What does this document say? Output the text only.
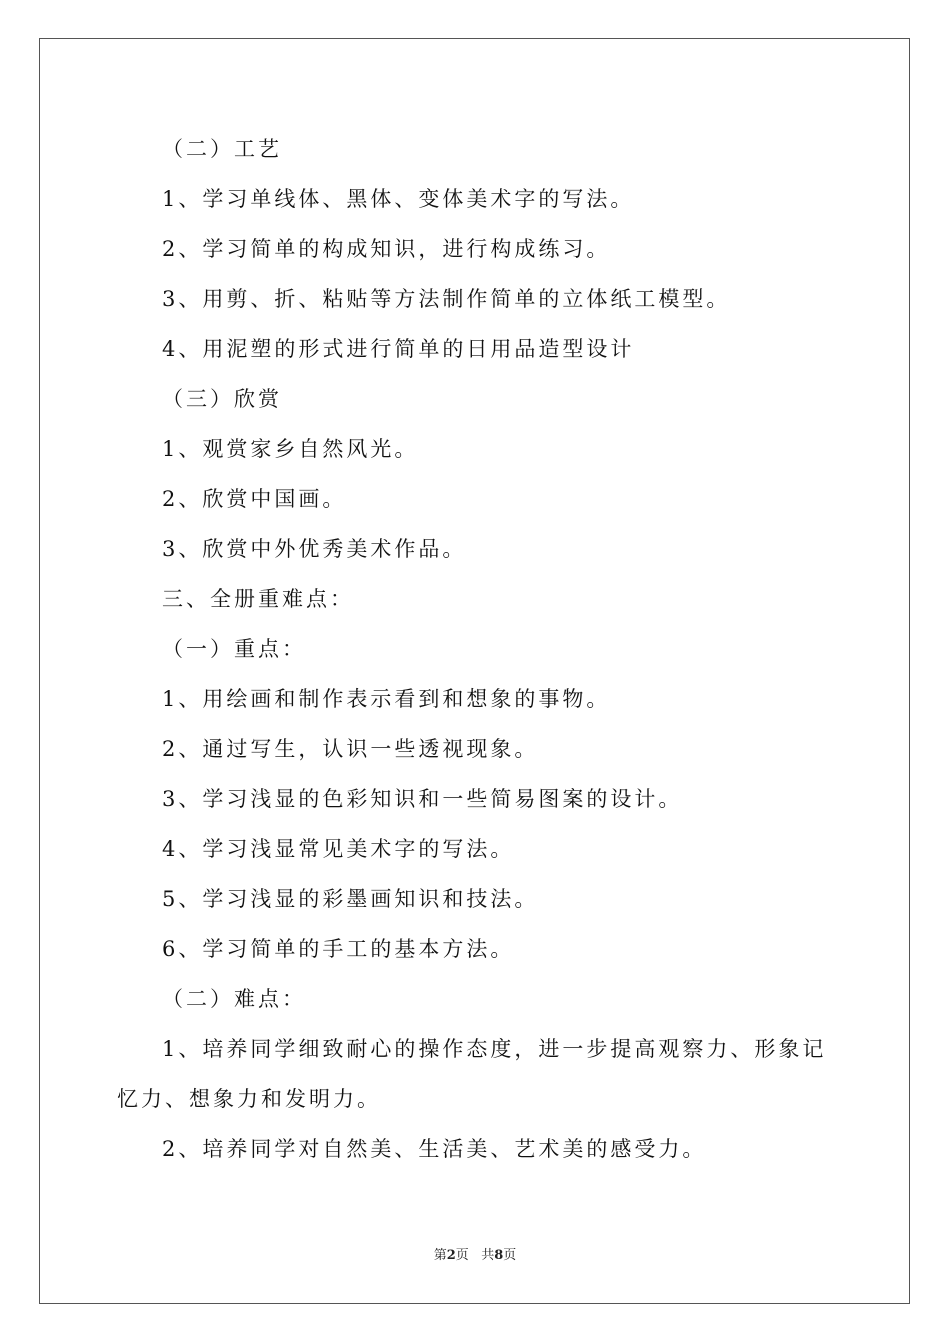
（二）工艺
1、学习单线体、黑体、变体美术字的写法。
2、学习简单的构成知识，进行构成练习。
3、用剪、折、粘贴等方法制作简单的立体纸工模型。
4、用泥塑的形式进行简单的日用品造型设计
（三）欣赏
1、观赏家乡自然风光。
2、欣赏中国画。
3、欣赏中外优秀美术作品。
三、全册重难点：
（一）重点：
1、用绘画和制作表示看到和想象的事物。
2、通过写生，认识一些透视现象。
3、学习浅显的色彩知识和一些简易图案的设计。
4、学习浅显常见美术字的写法。
5、学习浅显的彩墨画知识和技法。
6、学习简单的手工的基本方法。
（二）难点：
1、培养同学细致耐心的操作态度，进一步提高观察力、形象记
忆力、想象力和发明力。
2、培养同学对自然美、生活美、艺术美的感受力。
第2页 共8页
